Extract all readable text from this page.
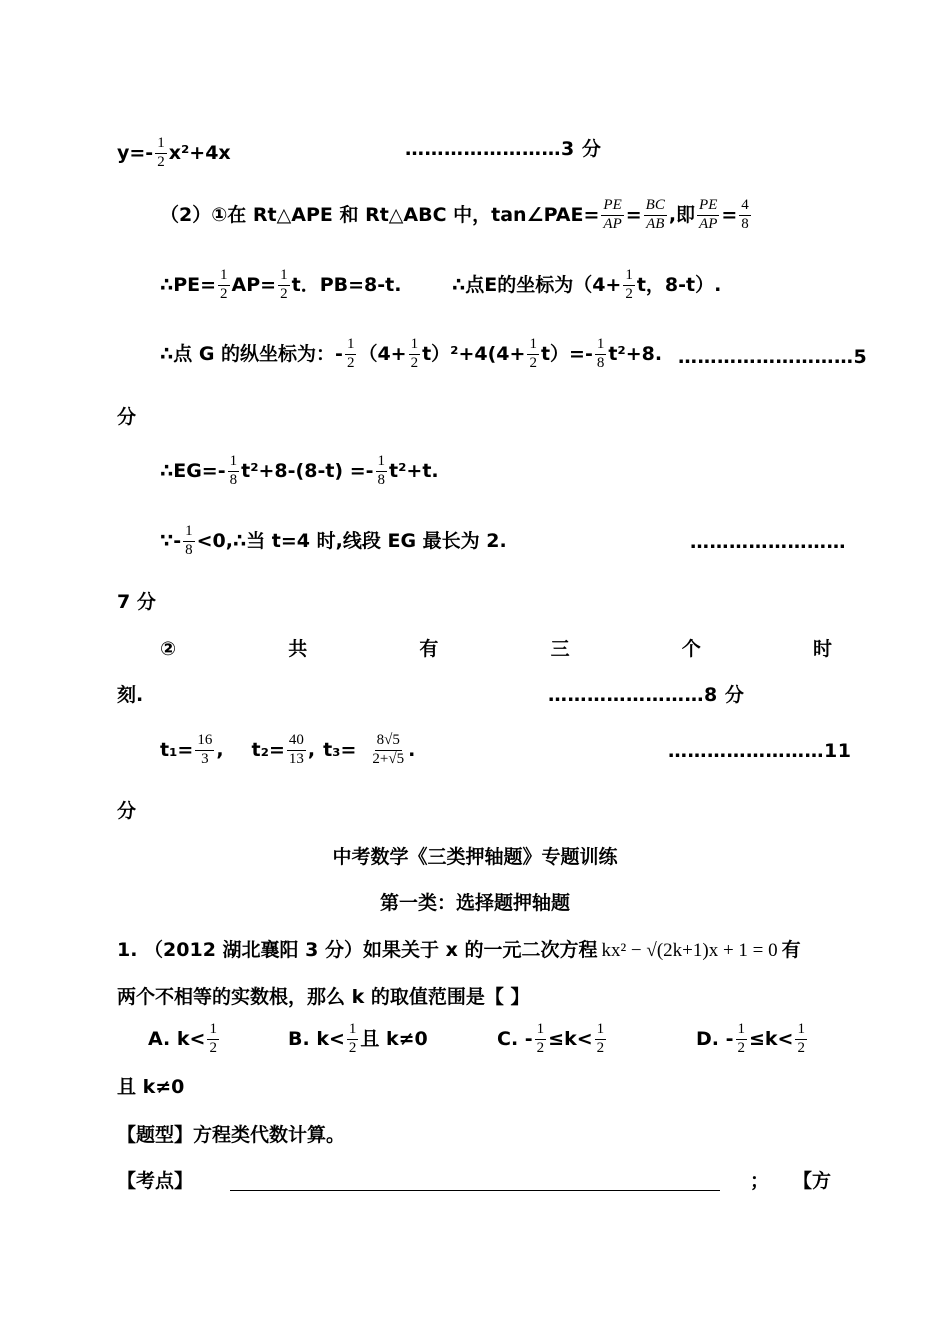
$y=- \frac{1}{2} x^2+4x$	……………………3 分
（2）①在 Rt△APE 和 Rt△ABC 中，tan∠PAE= $\frac{PE}{AP} = \frac{BC}{AB}$ ,即 $\frac{PE}{AP} = \frac{4}{8}$
∴PE= $\frac{1}{2} AP= \frac{1}{2}$ t．PB=8-t.	∴点E的坐标为（$4+ \frac{1}{2}$ t，8-t）.
∴点 G 的纵坐标为：- $\frac{1}{2} (4+ \frac{1}{2} t)^2+4(4+ \frac{1}{2} t)=- \frac{1}{8} t^2+8$. ………………………5
分
∴EG=- $\frac{1}{8} t^2+8-(8-t) =- \frac{1}{8} t^2+t$.
∵- $\frac{1}{8}$ <0,∴当 t=4 时,线段 EG 最长为 2.	……………………
7 分
②	共	有	三	个	时
刻.	……………………8 分
$t_1= \frac{16}{3}$ , $t_2= \frac{40}{13}$ , $t_3= \frac{8√5}{2+√5}$ .	……………………11
分
中考数学《三类押轴题》专题训练
第一类：选择题押轴题
1. （2012 湖北襄阳 3 分）如果关于 x 的一元二次方程 kx² − √(2k+1)x + 1 = 0 有
两个不相等的实数根，那么 k 的取值范围是【 】
A. $k< \frac{1}{2}$	B. $k< \frac{1}{2}$ 且 k≠0	C. - $\frac{1}{2} \le k< \frac{1}{2}$	D. - $\frac{1}{2} \le k< \frac{1}{2}$
且 k≠0
【题型】方程类代数计算。
【考点】	； 【方
